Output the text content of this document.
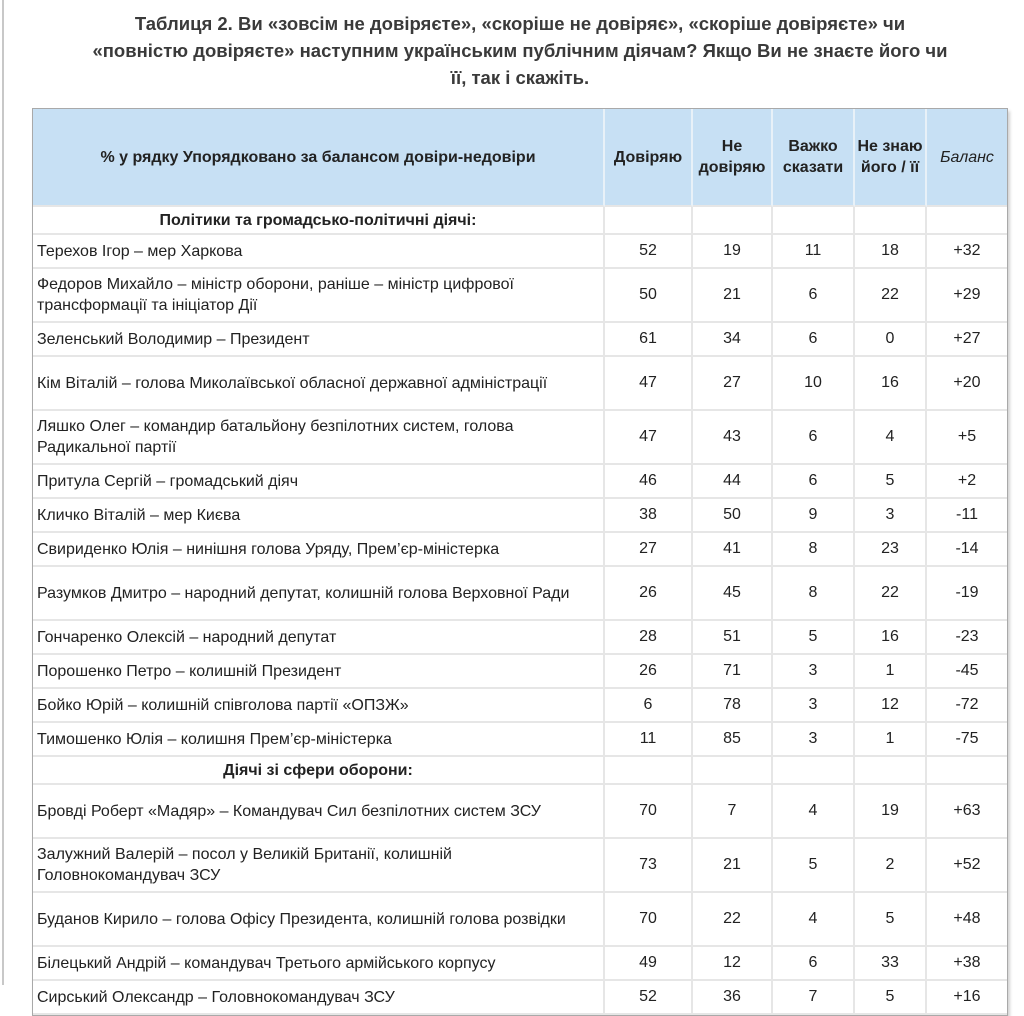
Таблиця 2. Ви «зовсім не довіряєте», «скоріше не довіряє», «скоріше довіряєте» чи
«повністю довіряєте» наступним українським публічним діячам? Якщо Ви не знаєте його чи
її, так і скажіть.
% у рядку Упорядковано за балансом довіри-недовіри	Довіряю	Не довіряю	Важко сказати	Не знаю його / її	Баланс
Політики та громадсько-політичні діячі:					
Терехов Ігор – мер Харкова	52	19	11	18	+32
Федоров Михайло – міністр оборони, раніше – міністр цифрової трансформації та ініціатор Дії	50	21	6	22	+29
Зеленський Володимир – Президент	61	34	6	0	+27
Кім Віталій – голова Миколаївської обласної державної адміністрації	47	27	10	16	+20
Ляшко Олег – командир батальйону безпілотних систем, голова Радикальної партії	47	43	6	4	+5
Притула Сергій – громадський діяч	46	44	6	5	+2
Кличко Віталій – мер Києва	38	50	9	3	-11
Свириденко Юлія – нинішня голова Уряду, Прем’єр-міністерка	27	41	8	23	-14
Разумков Дмитро – народний депутат, колишній голова Верховної Ради	26	45	8	22	-19
Гончаренко Олексій – народний депутат	28	51	5	16	-23
Порошенко Петро – колишній Президент	26	71	3	1	-45
Бойко Юрій – колишній співголова партії «ОПЗЖ»	6	78	3	12	-72
Тимошенко Юлія – колишня Прем’єр-міністерка	11	85	3	1	-75
Діячі зі сфери оборони:					
Бровді Роберт «Мадяр» – Командувач Сил безпілотних систем ЗСУ	70	7	4	19	+63
Залужний Валерій – посол у Великій Британії, колишній Головнокомандувач ЗСУ	73	21	5	2	+52
Буданов Кирило – голова Офісу Президента, колишній голова розвідки	70	22	4	5	+48
Білецький Андрій – командувач Третього армійського корпусу	49	12	6	33	+38
Сирський Олександр – Головнокомандувач ЗСУ	52	36	7	5	+16
